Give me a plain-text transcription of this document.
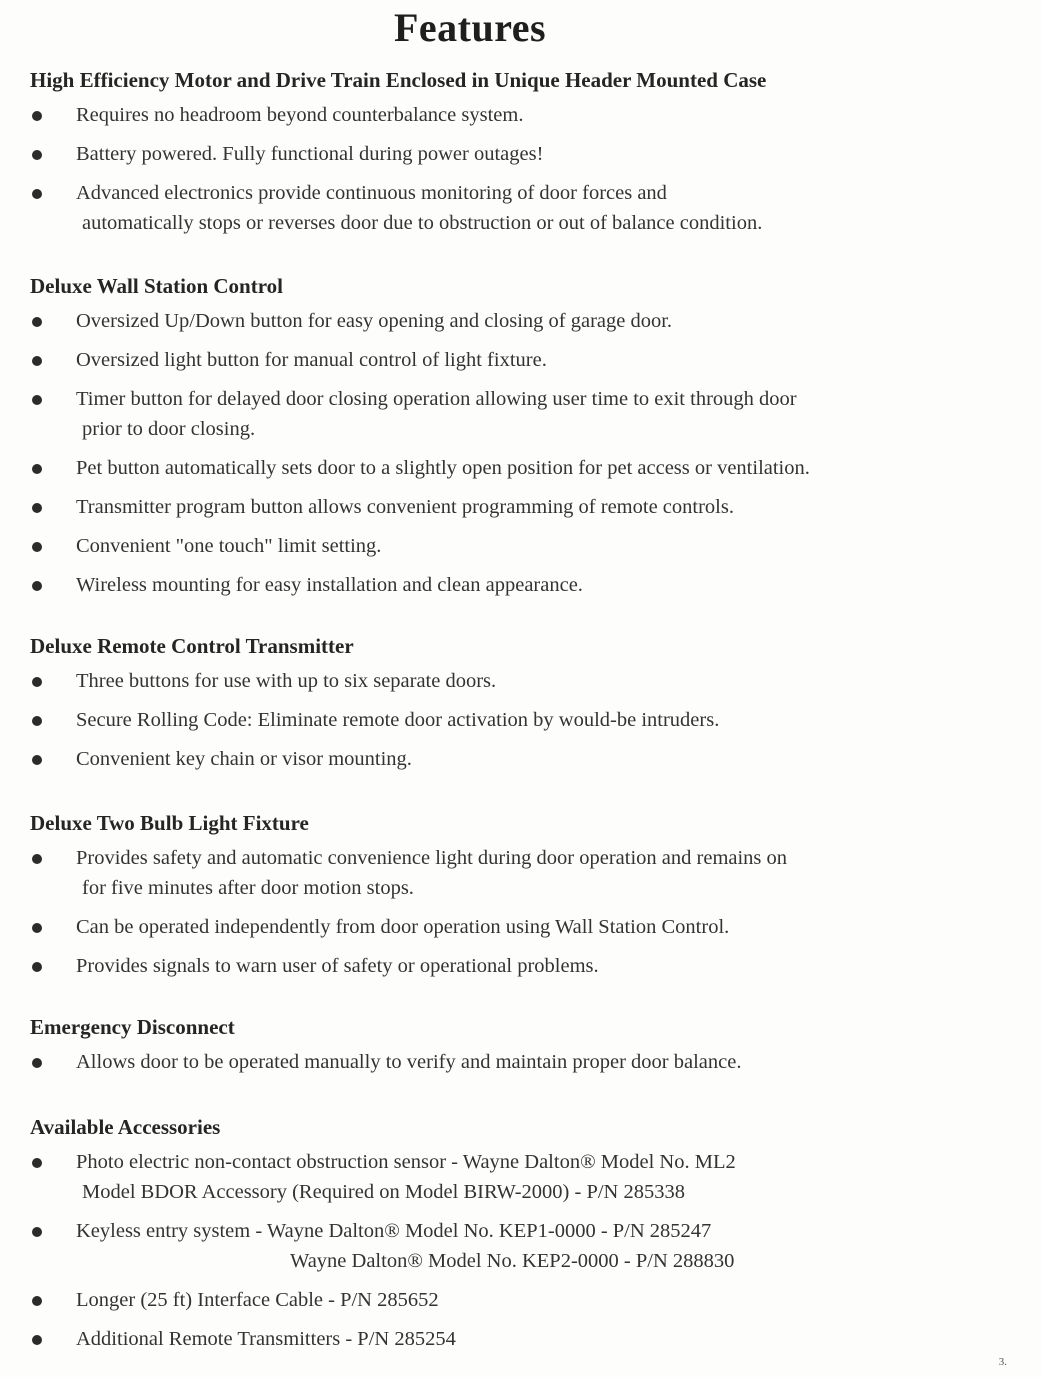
Features
High Efficiency Motor and Drive Train Enclosed in Unique Header Mounted Case
Requires no headroom beyond counterbalance system.
Battery powered. Fully functional during power outages!
Advanced electronics provide continuous monitoring of door forces and
automatically stops or reverses door due to obstruction or out of balance condition.
Deluxe Wall Station Control
Oversized Up/Down button for easy opening and closing of garage door.
Oversized light button for manual control of light fixture.
Timer button for delayed door closing operation allowing user time to exit through door
prior to door closing.
Pet button automatically sets door to a slightly open position for pet access or ventilation.
Transmitter program button allows convenient programming of remote controls.
Convenient "one touch" limit setting.
Wireless mounting for easy installation and clean appearance.
Deluxe Remote Control Transmitter
Three buttons for use with up to six separate doors.
Secure Rolling Code: Eliminate remote door activation by would-be intruders.
Convenient key chain or visor mounting.
Deluxe Two Bulb Light Fixture
Provides safety and automatic convenience light during door operation and remains on
for five minutes after door motion stops.
Can be operated independently from door operation using Wall Station Control.
Provides signals to warn user of safety or operational problems.
Emergency Disconnect
Allows door to be operated manually to verify and maintain proper door balance.
Available Accessories
Photo electric non-contact obstruction sensor - Wayne Dalton® Model No. ML2
Model BDOR Accessory (Required on Model BIRW-2000) - P/N 285338
Keyless entry system - Wayne Dalton® Model No. KEP1-0000 - P/N 285247
Wayne Dalton® Model No. KEP2-0000 - P/N 288830
Longer (25 ft) Interface Cable - P/N 285652
Additional Remote Transmitters - P/N 285254
3.
